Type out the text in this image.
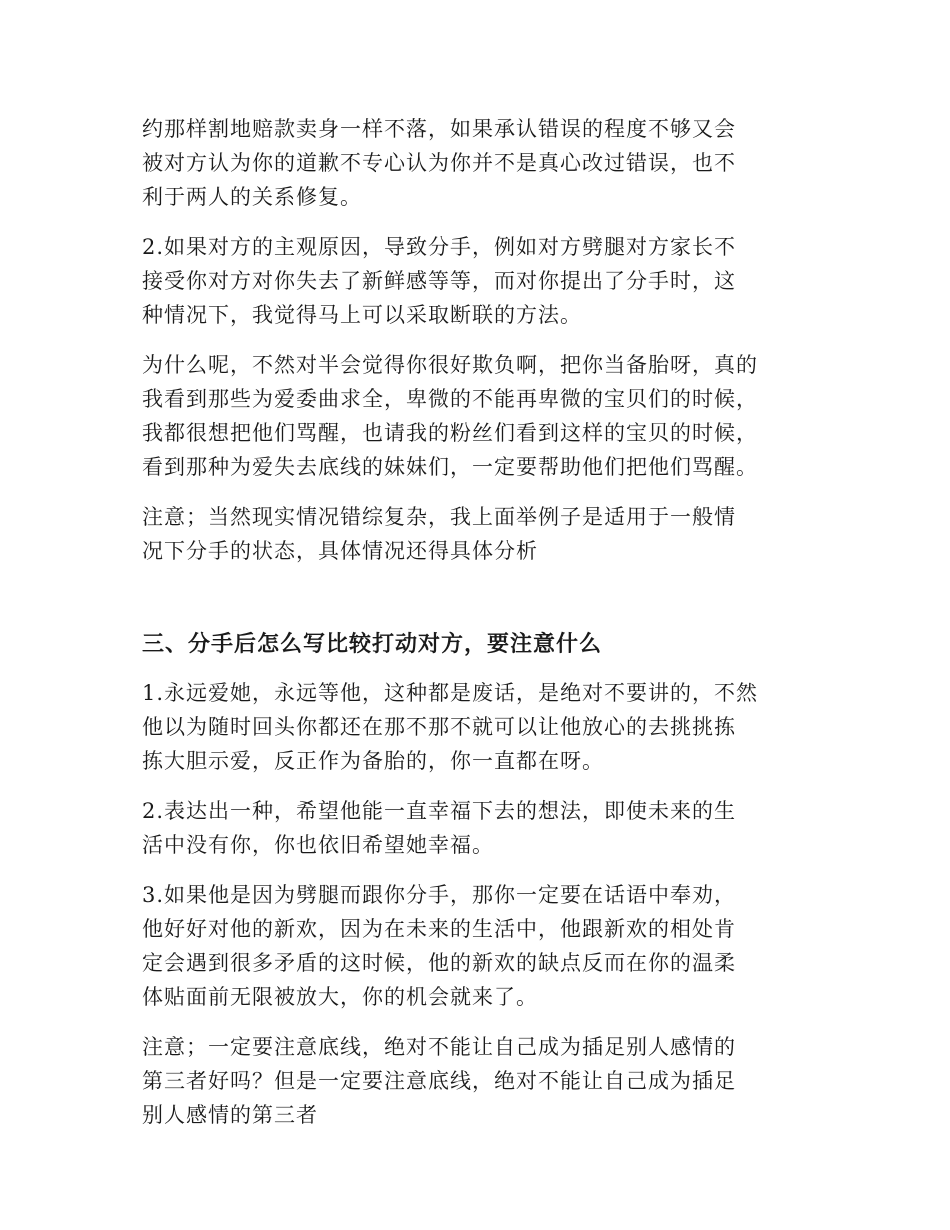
约那样割地赔款卖身一样不落，如果承认错误的程度不够又会
被对方认为你的道歉不专心认为你并不是真心改过错误，也不
利于两人的关系修复。

2.如果对方的主观原因，导致分手，例如对方劈腿对方家长不
接受你对方对你失去了新鲜感等等，而对你提出了分手时，这
种情况下，我觉得马上可以采取断联的方法。

为什么呢，不然对半会觉得你很好欺负啊，把你当备胎呀，真的
我看到那些为爱委曲求全，卑微的不能再卑微的宝贝们的时候，
我都很想把他们骂醒，也请我的粉丝们看到这样的宝贝的时候，
看到那种为爱失去底线的妹妹们，一定要帮助他们把他们骂醒。

注意；当然现实情况错综复杂，我上面举例子是适用于一般情
况下分手的状态，具体情况还得具体分析

三、分手后怎么写比较打动对方，要注意什么

1.永远爱她，永远等他，这种都是废话，是绝对不要讲的，不然
他以为随时回头你都还在那不那不就可以让他放心的去挑挑拣
拣大胆示爱，反正作为备胎的，你一直都在呀。

2.表达出一种，希望他能一直幸福下去的想法，即使未来的生
活中没有你，你也依旧希望她幸福。

3.如果他是因为劈腿而跟你分手，那你一定要在话语中奉劝，
他好好对他的新欢，因为在未来的生活中，他跟新欢的相处肯
定会遇到很多矛盾的这时候，他的新欢的缺点反而在你的温柔
体贴面前无限被放大，你的机会就来了。

注意；一定要注意底线，绝对不能让自己成为插足别人感情的
第三者好吗？但是一定要注意底线，绝对不能让自己成为插足
别人感情的第三者
